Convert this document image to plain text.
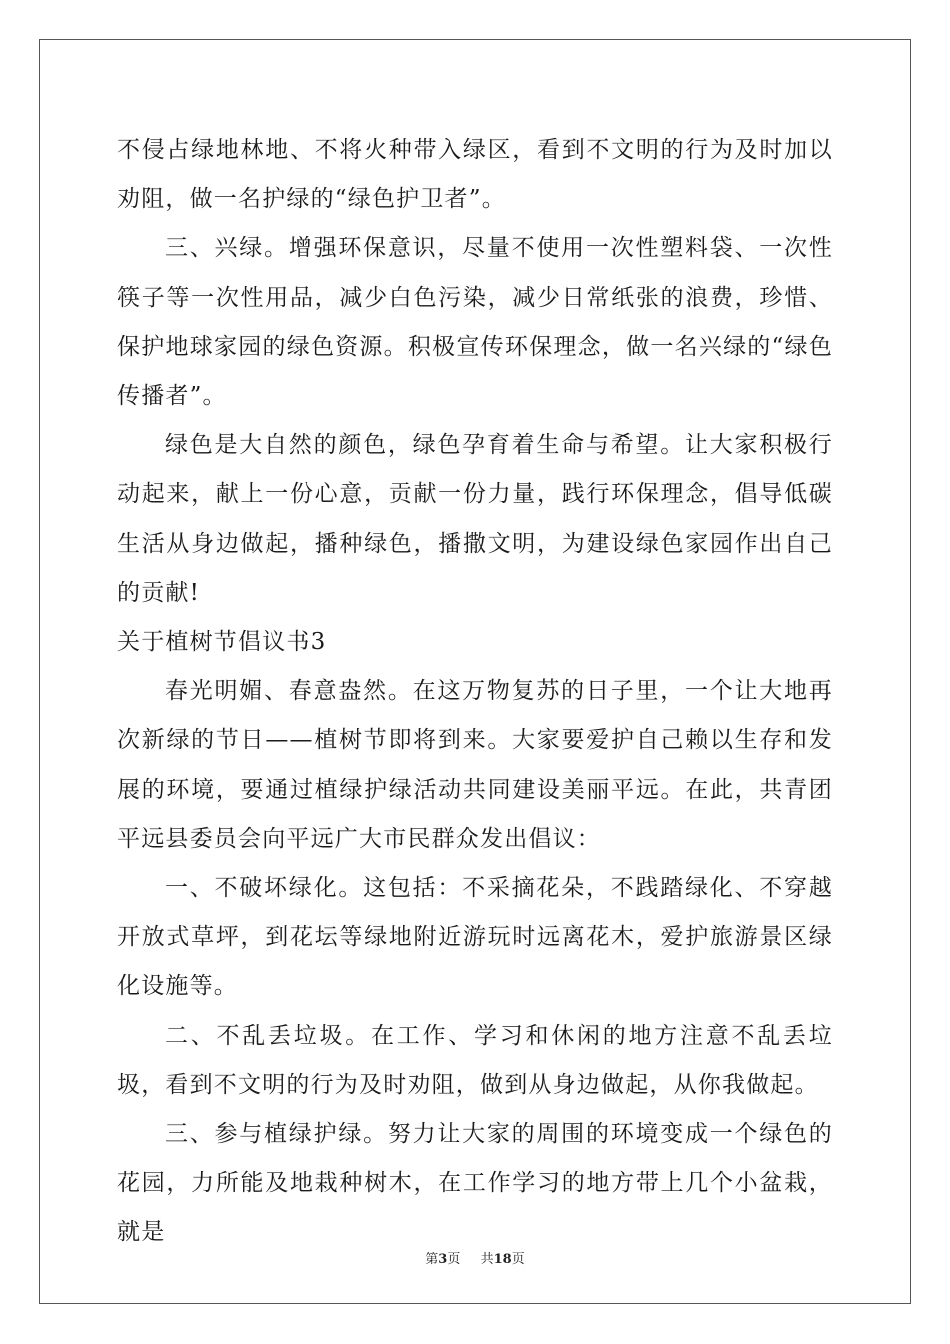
不侵占绿地林地、不将火种带入绿区，看到不文明的行为及时加以劝阻，做一名护绿的“绿色护卫者”。

三、兴绿。增强环保意识，尽量不使用一次性塑料袋、一次性筷子等一次性用品，减少白色污染，减少日常纸张的浪费，珍惜、保护地球家园的绿色资源。积极宣传环保理念，做一名兴绿的“绿色传播者”。

绿色是大自然的颜色，绿色孕育着生命与希望。让大家积极行动起来，献上一份心意，贡献一份力量，践行环保理念，倡导低碳生活从身边做起，播种绿色，播撒文明，为建设绿色家园作出自己的贡献!

关于植树节倡议书3

春光明媚、春意盎然。在这万物复苏的日子里，一个让大地再次新绿的节日——植树节即将到来。大家要爱护自己赖以生存和发展的环境，要通过植绿护绿活动共同建设美丽平远。在此，共青团平远县委员会向平远广大市民群众发出倡议：

一、不破坏绿化。这包括：不采摘花朵，不践踏绿化、不穿越开放式草坪，到花坛等绿地附近游玩时远离花木，爱护旅游景区绿化设施等。

二、不乱丢垃圾。在工作、学习和休闲的地方注意不乱丢垃圾，看到不文明的行为及时劝阻，做到从身边做起，从你我做起。

三、参与植绿护绿。努力让大家的周围的环境变成一个绿色的花园，力所能及地栽种树木，在工作学习的地方带上几个小盆栽，就是

第3页 共18页
